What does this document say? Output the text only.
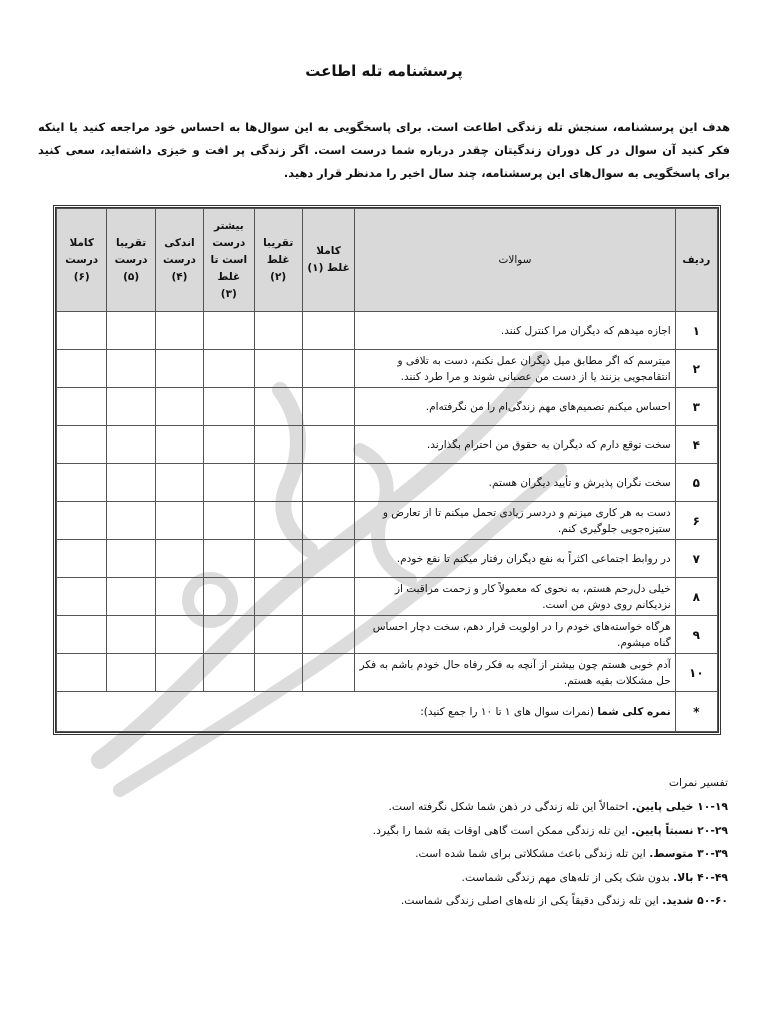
پرسشنامه تله اطاعت
هدف این پرسشنامه، سنجش تله زندگی اطاعت است. برای پاسخگویی به این سوال‌ها به احساس خود مراجعه کنید یا اینکه فکر کنید آن سوال در کل دوران زندگیتان چقدر درباره شما درست است. اگر زندگی پر افت و خیزی داشته‌اید، سعی کنید برای پاسخگویی به سوال‌های این پرسشنامه، چند سال اخیر را مدنظر قرار دهید.
ردیف	سوالات	کاملا غلط (۱)	تقریبا غلط (۲)	بیشتر درست است تا غلط (۳)	اندکی درست (۴)	تقریبا درست (۵)	کاملا درست (۶)
۱	اجازه میدهم که دیگران مرا کنترل کنند.						
۲	میترسم که اگر مطابق میل دیگران عمل نکنم، دست به تلافی و انتقامجویی بزنند یا از دست من عصبانی شوند و مرا طرد کنند.						
۳	احساس میکنم تصمیم‌های مهم زندگی‌ام را من نگرفته‌ام.						
۴	سخت توقع دارم که دیگران به حقوق من احترام بگذارند.						
۵	سخت نگران پذیرش و تأیید دیگران هستم.						
۶	دست به هر کاری میزنم و دردسر زیادی تحمل میکنم تا از تعارض و ستیزه‌جویی جلوگیری کنم.						
۷	در روابط اجتماعی اکثراً به نفع دیگران رفتار میکنم تا نفع خودم.						
۸	خیلی دل‌رحم هستم، به نحوی که معمولاً کار و زحمت مراقبت از نزدیکانم روی دوش من است.						
۹	هرگاه خواسته‌های خودم را در اولویت قرار دهم، سخت دچار احساس گناه میشوم.						
۱۰	آدم خوبی هستم چون بیشتر از آنچه به فکر رفاه حال خودم باشم به فکر حل مشکلات بقیه هستم.						
*	نمره کلی شما (نمرات سوال های ۱ تا ۱۰ را جمع کنید):						
تفسیر نمرات
۱۰-۱۹ خیلی پایین. احتمالاً این تله زندگی در ذهن شما شکل نگرفته است.
۲۰-۲۹ نسبتاً پایین. این تله زندگی ممکن است گاهی اوقات یقه شما را بگیرد.
۳۰-۳۹ متوسط. این تله زندگی باعث مشکلاتی برای شما شده است.
۴۰-۴۹ بالا. بدون شک یکی از تله‌های مهم زندگی شماست.
۵۰-۶۰ شدید. این تله زندگی دقیقاً یکی از تله‌های اصلی زندگی شماست.
